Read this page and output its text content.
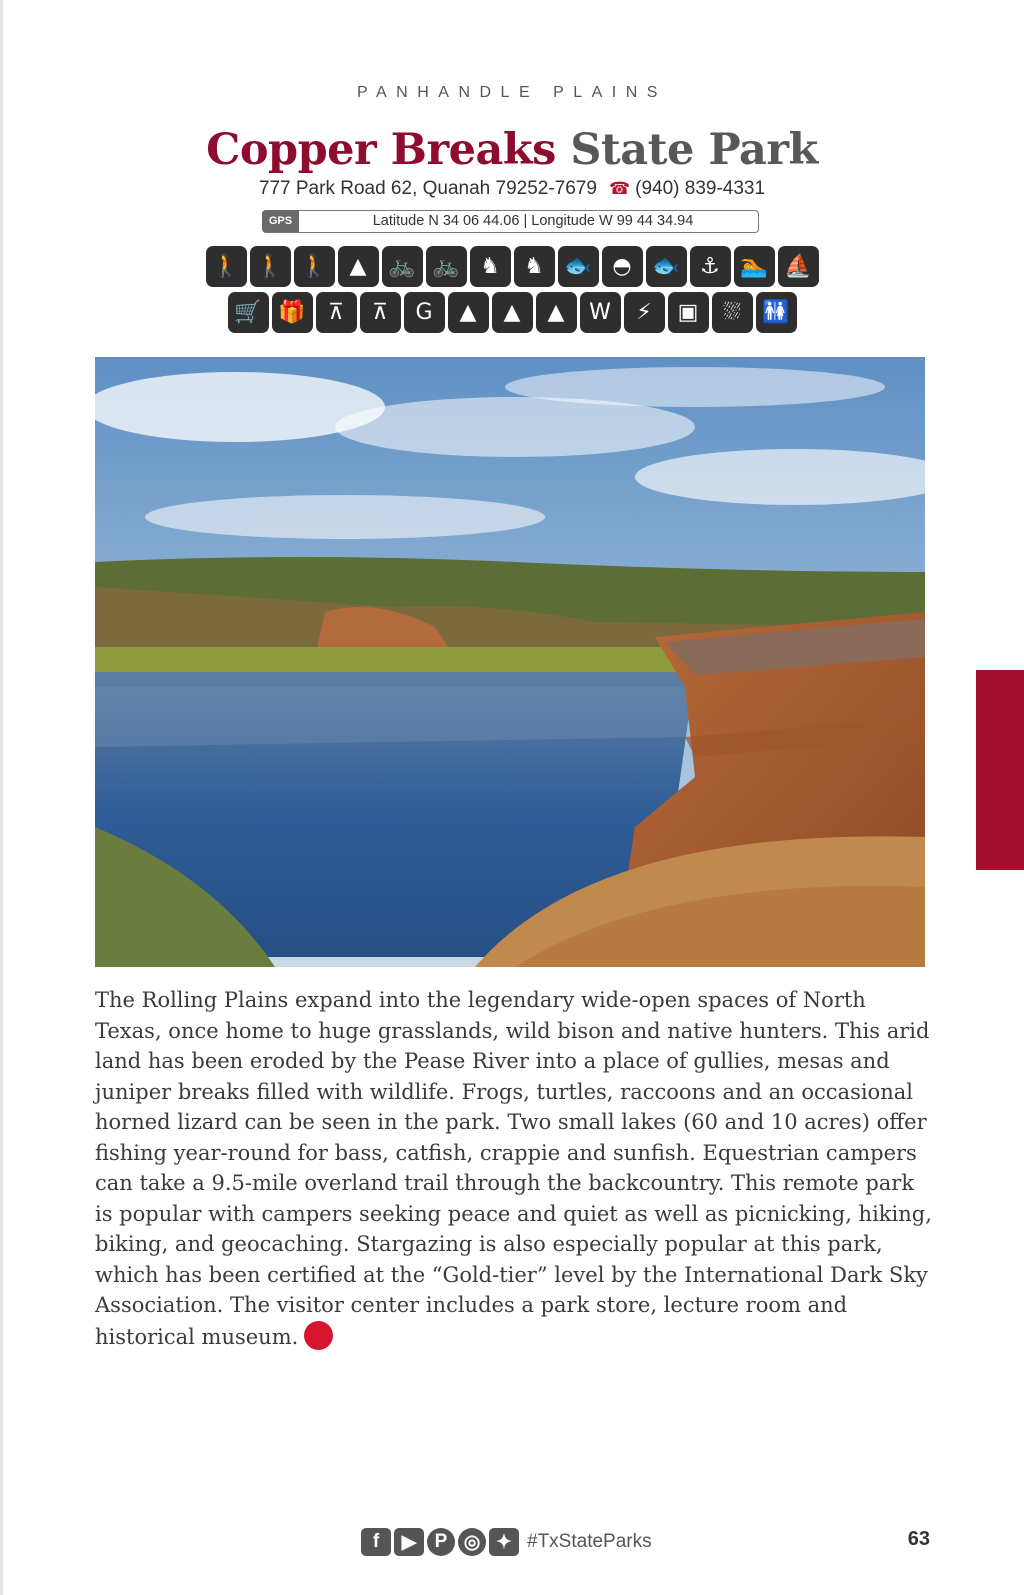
PANHANDLE PLAINS
Copper Breaks State Park
777 Park Road 62, Quanah 79252-7679 ☎ (940) 839-4331
GPS	Latitude N 34 06 44.06 | Longitude W 99 44 34.94
🚶 🚶 🚶 ▲ 🚲 🚲 ♞	♞ 🐟 ◓ 🐟 ⚓ 🏊 ⛵
🛒 🎁	⊼	⊼	G	▲	▲	▲	W	⚡	▣	⛆ 🚻
The Rolling Plains expand into the legendary wide-open spaces of North
Texas, once home to huge grasslands, wild bison and native hunters. This arid
land has been eroded by the Pease River into a place of gullies, mesas and
juniper breaks filled with wildlife. Frogs, turtles, raccoons and an occasional
horned lizard can be seen in the park. Two small lakes (60 and 10 acres) offer
fishing year-round for bass, catfish, crappie and sunfish. Equestrian campers
can take a 9.5-mile overland trail through the backcountry. This remote park
is popular with campers seeking peace and quiet as well as picnicking, hiking,
biking, and geocaching. Stargazing is also especially popular at this park,
which has been certified at the “Gold-tier” level by the International Dark Sky
Association. The visitor center includes a park store, lecture room and
historical museum.
f	▶ P ◎ ✦ #TxStateParks	63
